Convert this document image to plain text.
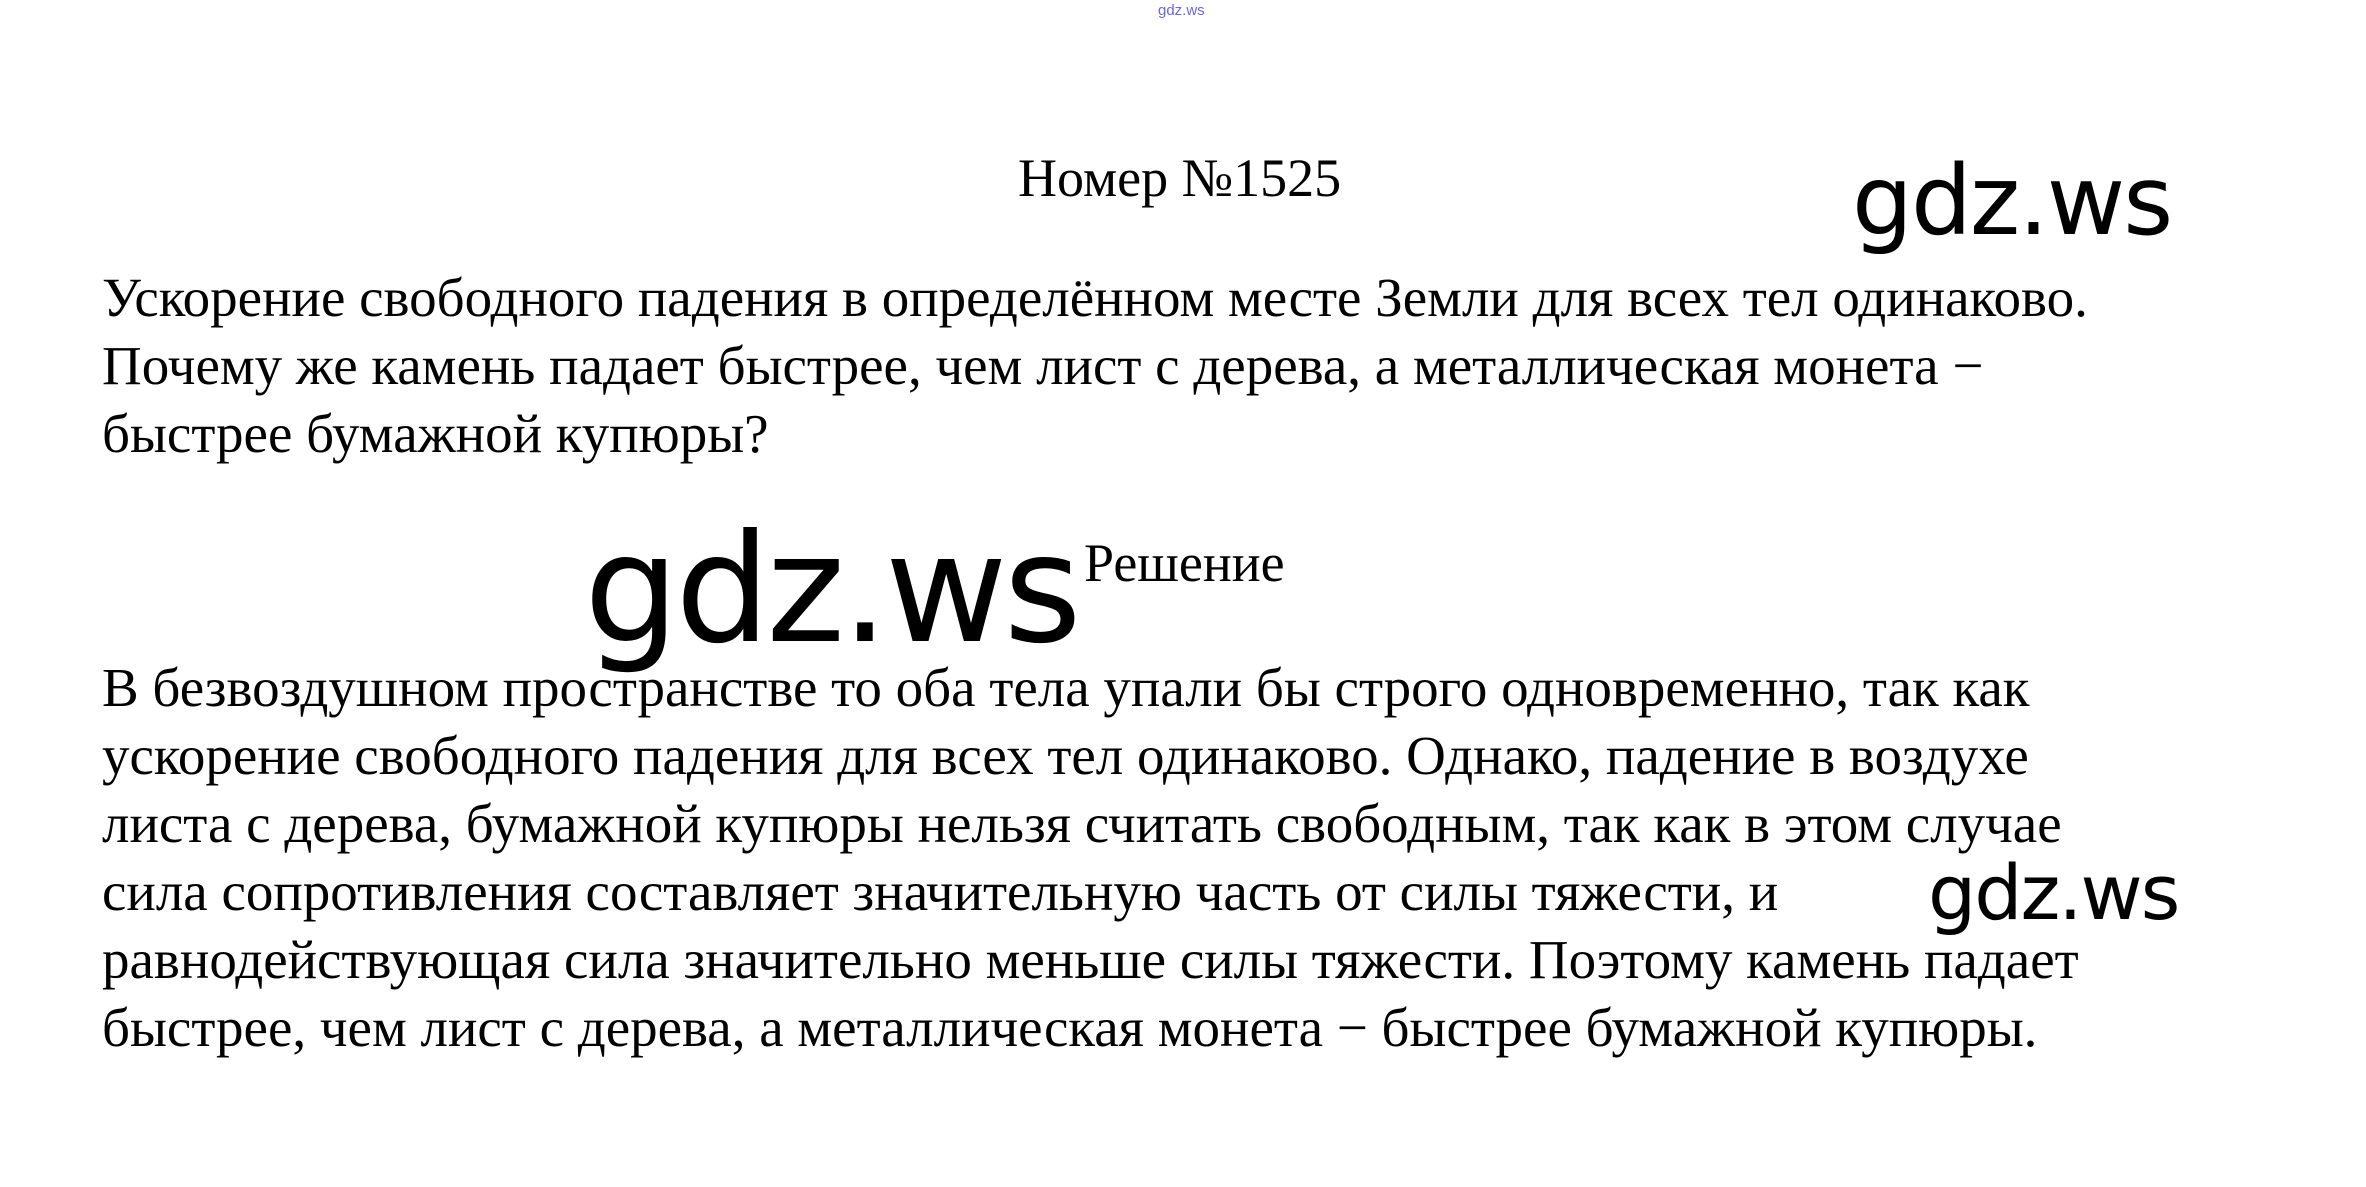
gdz.ws
Номер №1525	gdz.ws
Ускорение свободного падения в определённом месте Земли для всех тел одинаково.
Почему же камень падает быстрее, чем лист с дерева, а металлическая монета −
быстрее бумажной купюры?
gdz.ws Решение
В безвоздушном пространстве то оба тела упали бы строго одновременно, так как
ускорение свободного падения для всех тел одинаково. Однако, падение в воздухе
листа с дерева, бумажной купюры нельзя считать свободным, так как в этом случае
сила сопротивления составляет значительную часть от силы тяжести, и
равнодействующая сила значительно меньше силы тяжести. Поэтому камень падает
быстрее, чем лист с дерева, а металлическая монета − быстрее бумажной купюры.
gdz.ws
